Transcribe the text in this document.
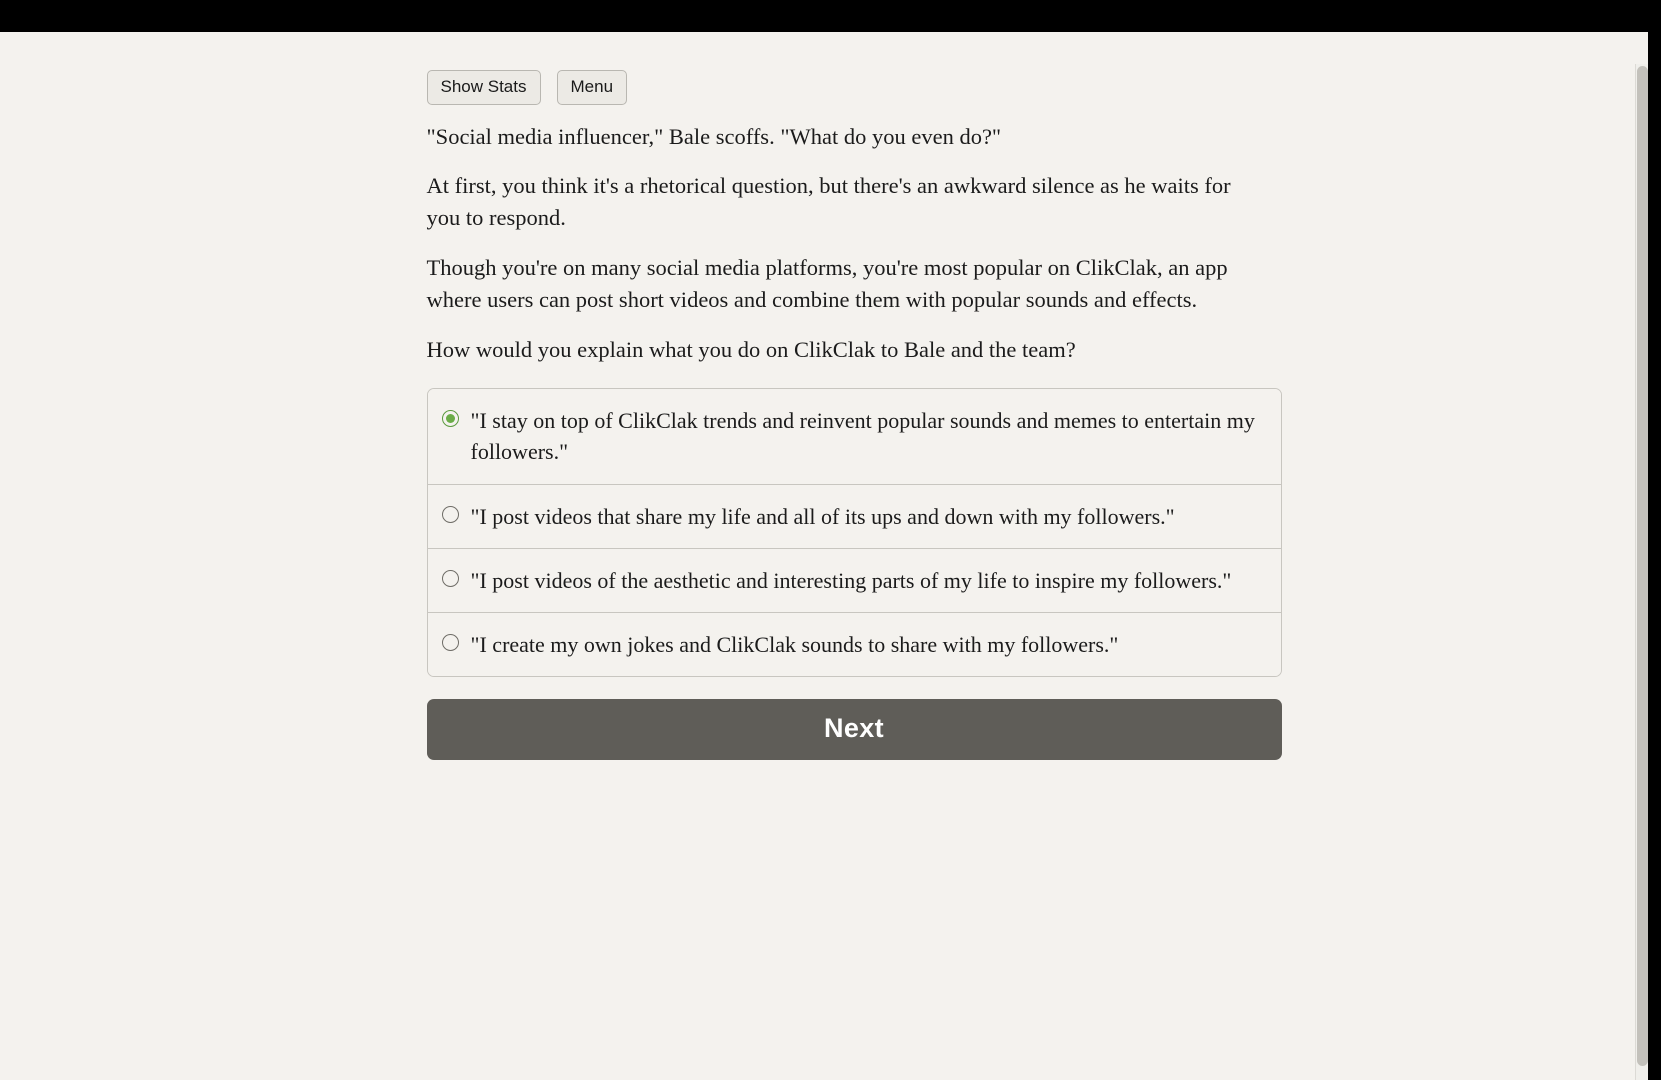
Show Stats	Menu

"Social media influencer," Bale scoffs. "What do you even do?"

At first, you think it's a rhetorical question, but there's an awkward silence as he waits for you to respond.

Though you're on many social media platforms, you're most popular on ClikClak, an app where users can post short videos and combine them with popular sounds and effects.

How would you explain what you do on ClikClak to Bale and the team?

"I stay on top of ClikClak trends and reinvent popular sounds and memes to entertain my followers."
"I post videos that share my life and all of its ups and down with my followers."
"I post videos of the aesthetic and interesting parts of my life to inspire my followers."
"I create my own jokes and ClikClak sounds to share with my followers."
Next
